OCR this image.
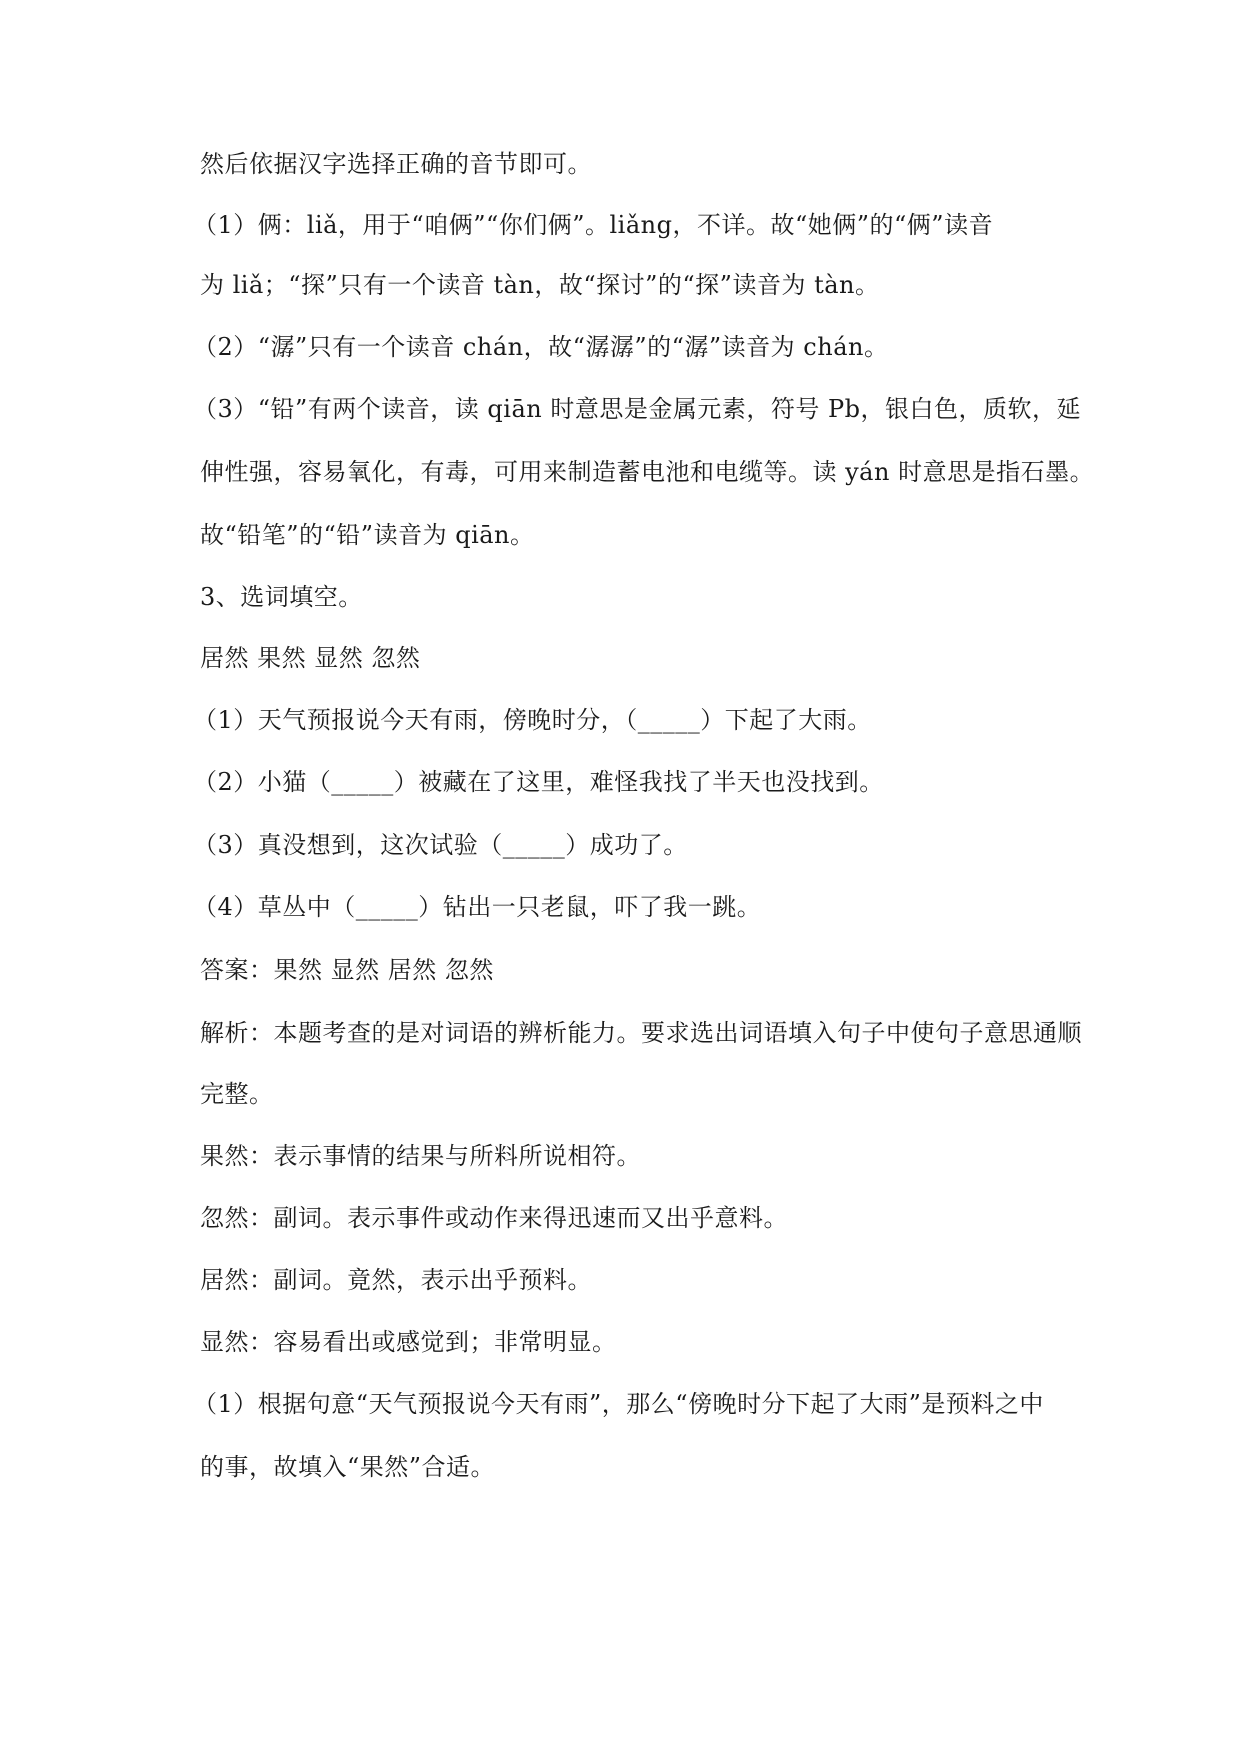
然后依据汉字选择正确的音节即可。
（1）俩：liǎ，用于“咱俩”“你们俩”。liǎng，不详。故“她俩”的“俩”读音
为 liǎ；“探”只有一个读音 tàn，故“探讨”的“探”读音为 tàn。
（2）“潺”只有一个读音 chán，故“潺潺”的“潺”读音为 chán。
（3）“铅”有两个读音，读 qiān 时意思是金属元素，符号 Pb，银白色，质软，延
伸性强，容易氧化，有毒，可用来制造蓄电池和电缆等。读 yán 时意思是指石墨。
故“铅笔”的“铅”读音为 qiān。
3、选词填空。
居然 果然 显然 忽然
（1）天气预报说今天有雨，傍晚时分，（_____）下起了大雨。
（2）小猫（_____）被藏在了这里，难怪我找了半天也没找到。
（3）真没想到，这次试验（_____）成功了。
（4）草丛中（_____）钻出一只老鼠，吓了我一跳。
答案：果然 显然 居然 忽然
解析：本题考查的是对词语的辨析能力。要求选出词语填入句子中使句子意思通顺
完整。
果然：表示事情的结果与所料所说相符。
忽然：副词。表示事件或动作来得迅速而又出乎意料。
居然：副词。竟然，表示出乎预料。
显然：容易看出或感觉到；非常明显。
（1）根据句意“天气预报说今天有雨”，那么“傍晚时分下起了大雨”是预料之中
的事，故填入“果然”合适。
